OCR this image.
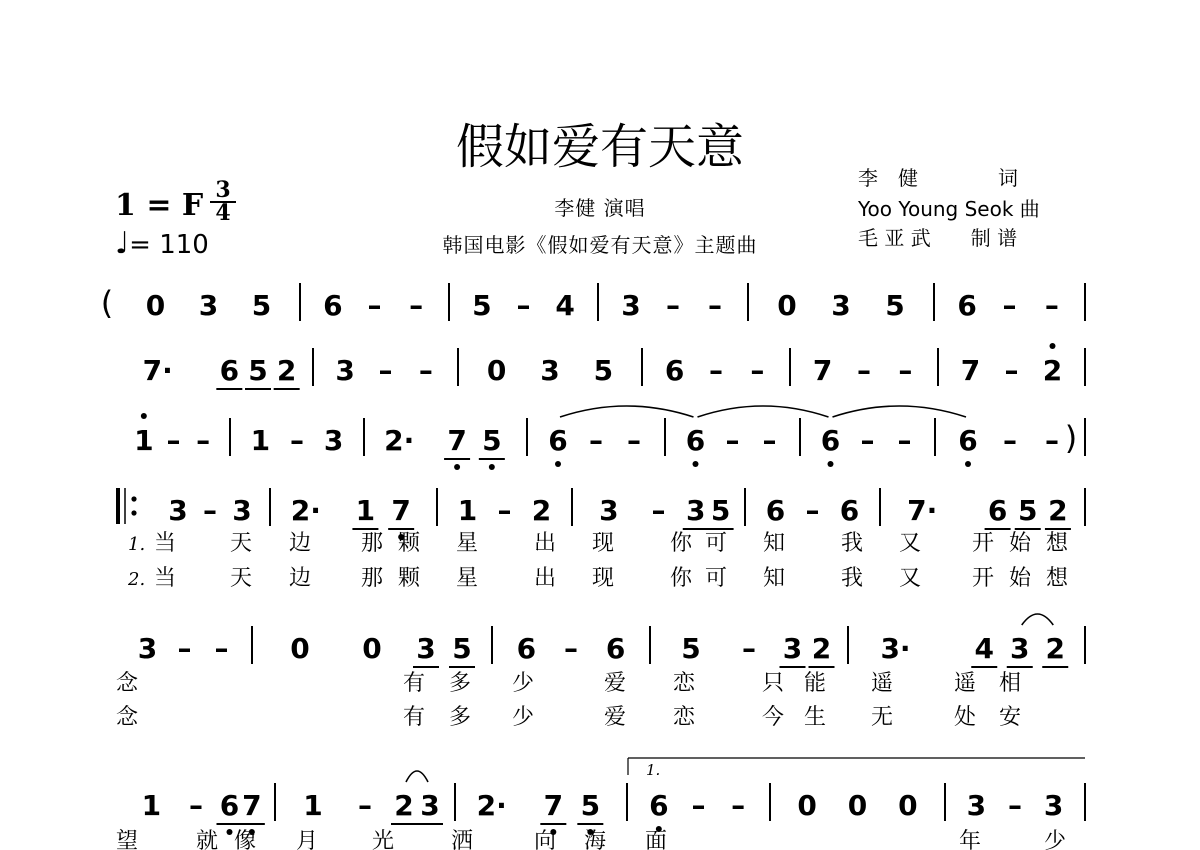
假如爱有天意
李健 演唱
韩国电影《假如爱有天意》主题曲
李　健　　　　词
Yoo Young Seok 曲
毛 亚 武　　制 谱
1 = F $\frac{3}{4}$
♩= 110
( 0 3 5 6 – – 5 – 4 3 – – 0 3 5 6 – –
7· 6 5 2 3 – – 0 3 5 6 – – 7 – – 7 – 2
1 – – 1 – 3 2· 7 5 6 – – 6 – – 6 – – 6 – – )
3 – 3 2· 1 7 1 – 2 3 – 3 5 6 – 6 7· 6 5 2
1. 当 天 边 那 颗 星	出 现	你 可 知	我 又 开 始 想
2. 当 天 边 那 颗 星	出 现	你 可 知	我 又 开 始 想
3 – – 0 0 3 5 6 – 6 5 – 3 2 3· 4 3 2
念	有 多 少	爱 恋	只 能 遥	遥 相
念	有 多 少	爱 恋	今 生 无	处 安
1 – 6 7 1 – 2 3 2· 7 5 6 – – 0 0 0 3 – 3
望	就 像 月 光	洒	向 海 面	年	少
1.
